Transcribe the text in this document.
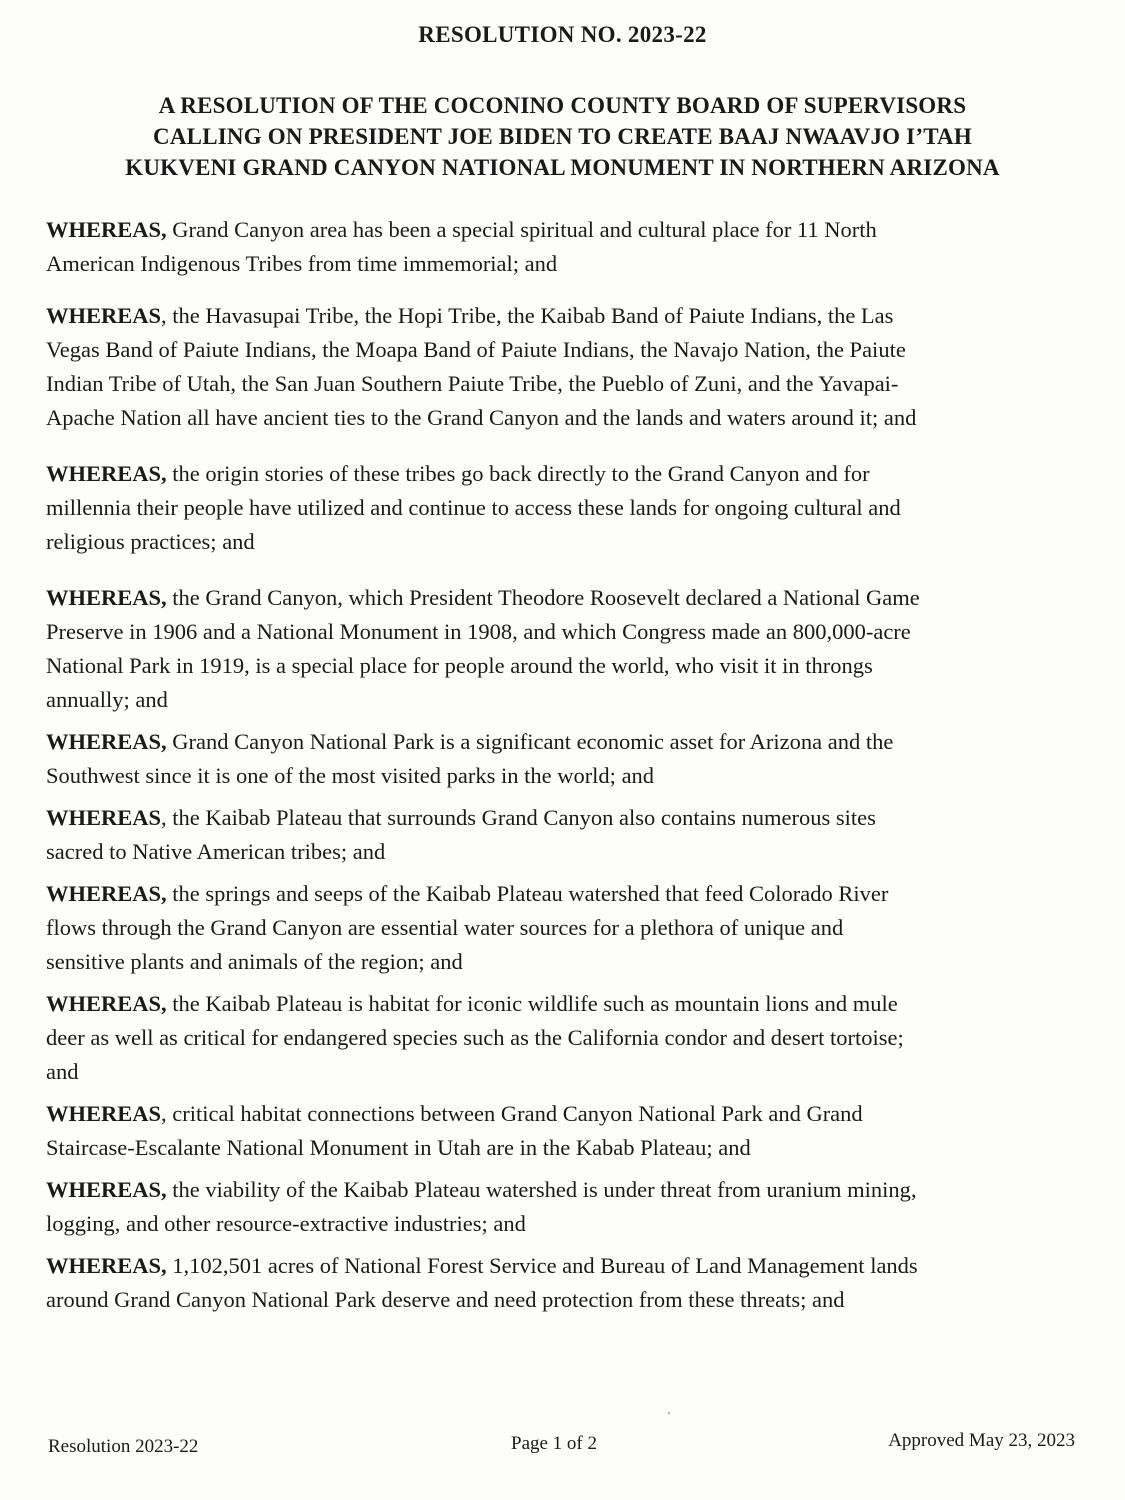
RESOLUTION NO. 2023-22
A RESOLUTION OF THE COCONINO COUNTY BOARD OF SUPERVISORS
CALLING ON PRESIDENT JOE BIDEN TO CREATE BAAJ NWAAVJO I’TAH
KUKVENI GRAND CANYON NATIONAL MONUMENT IN NORTHERN ARIZONA
WHEREAS, Grand Canyon area has been a special spiritual and cultural place for 11 North
American Indigenous Tribes from time immemorial; and
WHEREAS, the Havasupai Tribe, the Hopi Tribe, the Kaibab Band of Paiute Indians, the Las
Vegas Band of Paiute Indians, the Moapa Band of Paiute Indians, the Navajo Nation, the Paiute
Indian Tribe of Utah, the San Juan Southern Paiute Tribe, the Pueblo of Zuni, and the Yavapai-
Apache Nation all have ancient ties to the Grand Canyon and the lands and waters around it; and
WHEREAS, the origin stories of these tribes go back directly to the Grand Canyon and for
millennia their people have utilized and continue to access these lands for ongoing cultural and
religious practices; and
WHEREAS, the Grand Canyon, which President Theodore Roosevelt declared a National Game
Preserve in 1906 and a National Monument in 1908, and which Congress made an 800,000-acre
National Park in 1919, is a special place for people around the world, who visit it in throngs
annually; and
WHEREAS, Grand Canyon National Park is a significant economic asset for Arizona and the
Southwest since it is one of the most visited parks in the world; and
WHEREAS, the Kaibab Plateau that surrounds Grand Canyon also contains numerous sites
sacred to Native American tribes; and
WHEREAS, the springs and seeps of the Kaibab Plateau watershed that feed Colorado River
flows through the Grand Canyon are essential water sources for a plethora of unique and
sensitive plants and animals of the region; and
WHEREAS, the Kaibab Plateau is habitat for iconic wildlife such as mountain lions and mule
deer as well as critical for endangered species such as the California condor and desert tortoise;
and
WHEREAS, critical habitat connections between Grand Canyon National Park and Grand
Staircase-Escalante National Monument in Utah are in the Kabab Plateau; and
WHEREAS, the viability of the Kaibab Plateau watershed is under threat from uranium mining,
logging, and other resource-extractive industries; and
WHEREAS, 1,102,501 acres of National Forest Service and Bureau of Land Management lands
around Grand Canyon National Park deserve and need protection from these threats; and
Resolution 2023-22	Page 1 of 2	Approved May 23, 2023
